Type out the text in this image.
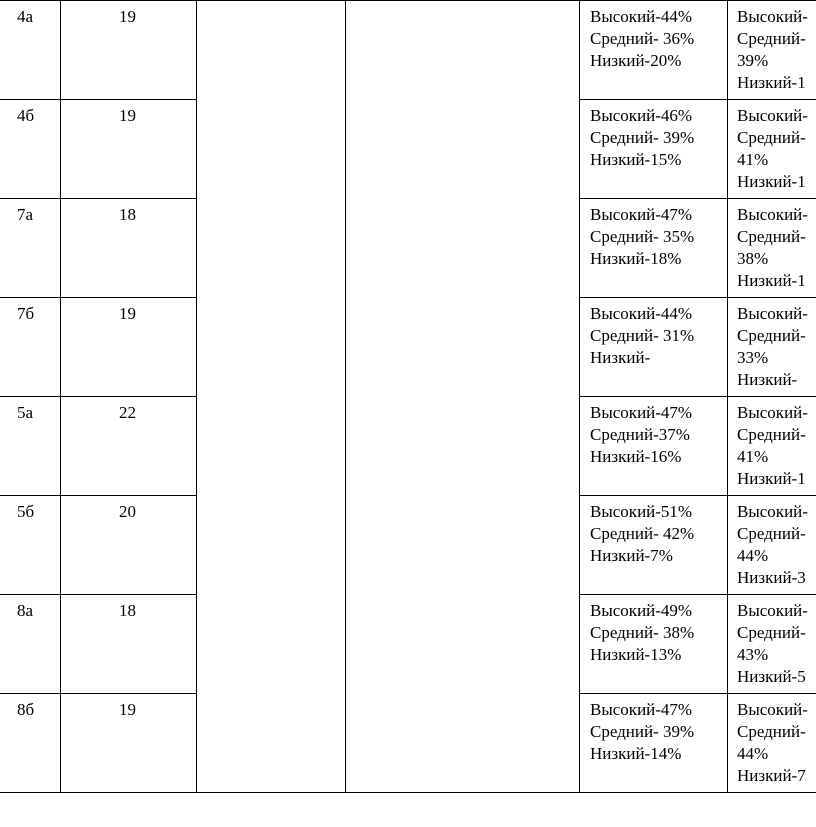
4а	19			Высокий-44%
Средний- 36%
Низкий-20%	Высокий-
Средний-
39%
Низкий-1

4б	19			Высокий-46%
Средний- 39%
Низкий-15%	Высокий-
Средний-
41%
Низкий-1

7а	18			Высокий-47%
Средний- 35%
Низкий-18%	Высокий-
Средний-
38%
Низкий-1

7б	19			Высокий-44%
Средний- 31%
Низкий-	Высокий-
Средний-
33%
Низкий-

5а	22			Высокий-47%
Средний-37%
Низкий-16%	Высокий-
Средний-
41%
Низкий-1

5б	20			Высокий-51%
Средний- 42%
Низкий-7%	Высокий-
Средний-
44%
Низкий-3

8а	18			Высокий-49%
Средний- 38%
Низкий-13%	Высокий-
Средний-
43%
Низкий-5

8б	19			Высокий-47%
Средний- 39%
Низкий-14%	Высокий-
Средний-
44%
Низкий-7
